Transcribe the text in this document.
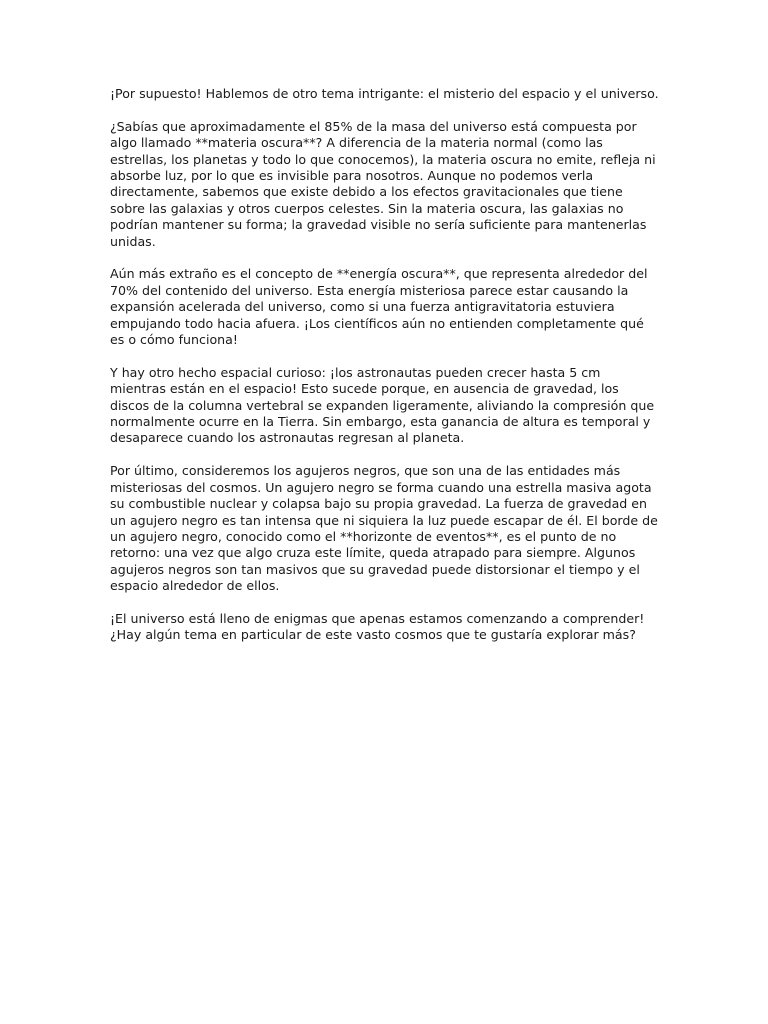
¡Por supuesto! Hablemos de otro tema intrigante: el misterio del espacio y el universo.

¿Sabías que aproximadamente el 85% de la masa del universo está compuesta por algo llamado **materia oscura**? A diferencia de la materia normal (como las estrellas, los planetas y todo lo que conocemos), la materia oscura no emite, refleja ni absorbe luz, por lo que es invisible para nosotros. Aunque no podemos verla directamente, sabemos que existe debido a los efectos gravitacionales que tiene sobre las galaxias y otros cuerpos celestes. Sin la materia oscura, las galaxias no podrían mantener su forma; la gravedad visible no sería suficiente para mantenerlas unidas.

Aún más extraño es el concepto de **energía oscura**, que representa alrededor del 70% del contenido del universo. Esta energía misteriosa parece estar causando la expansión acelerada del universo, como si una fuerza antigravitatoria estuviera empujando todo hacia afuera. ¡Los científicos aún no entienden completamente qué es o cómo funciona!

Y hay otro hecho espacial curioso: ¡los astronautas pueden crecer hasta 5 cm mientras están en el espacio! Esto sucede porque, en ausencia de gravedad, los discos de la columna vertebral se expanden ligeramente, aliviando la compresión que normalmente ocurre en la Tierra. Sin embargo, esta ganancia de altura es temporal y desaparece cuando los astronautas regresan al planeta.

Por último, consideremos los agujeros negros, que son una de las entidades más misteriosas del cosmos. Un agujero negro se forma cuando una estrella masiva agota su combustible nuclear y colapsa bajo su propia gravedad. La fuerza de gravedad en un agujero negro es tan intensa que ni siquiera la luz puede escapar de él. El borde de un agujero negro, conocido como el **horizonte de eventos**, es el punto de no retorno: una vez que algo cruza este límite, queda atrapado para siempre. Algunos agujeros negros son tan masivos que su gravedad puede distorsionar el tiempo y el espacio alrededor de ellos.

¡El universo está lleno de enigmas que apenas estamos comenzando a comprender! ¿Hay algún tema en particular de este vasto cosmos que te gustaría explorar más?
